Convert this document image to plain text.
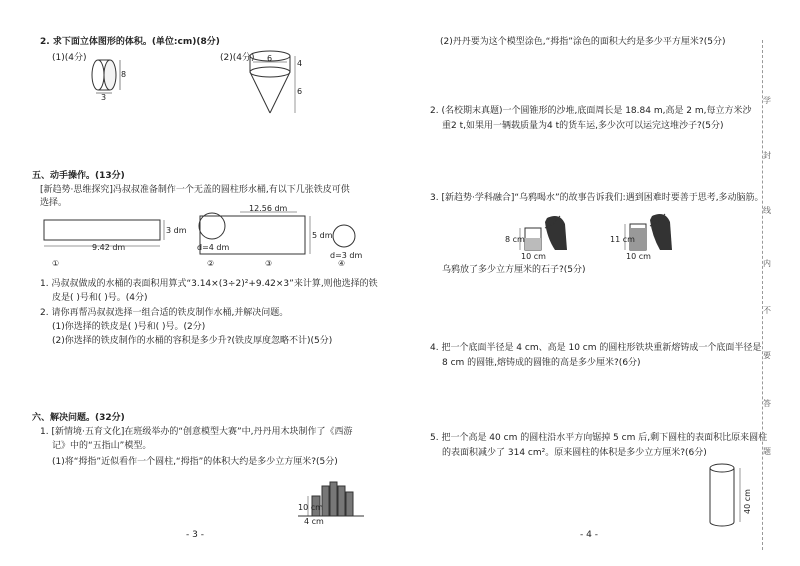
2. 求下面立体图形的体积。(单位:cm)(8分)
(1)(4分)
8
3
(2)(4分) 6
4
6
五、动手操作。(13分)
[新趋势·思维探究]冯叔叔准备制作一个无盖的圆柱形水桶,有以下几张铁皮可供
选择。
9.42 dm
3 dm
d=4 dm
12.56 dm
①	②	③	④
5 dm
d=3 dm
1. 冯叔叔做成的水桶的表面积用算式“3.14×(3÷2)²+9.42×3”来计算,则他选择的铁
皮是( )号和( )号。(4分)
2. 请你再帮冯叔叔选择一组合适的铁皮制作水桶,并解决问题。
(1)你选择的铁皮是( )号和( )号。(2分)
(2)你选择的铁皮制作的水桶的容积是多少升?(铁皮厚度忽略不计)(5分)
六、解决问题。(32分)
1. [新情境·五育文化]在班级举办的“创意模型大赛”中,丹丹用木块制作了《西游
记》中的“五指山”模型。
(1)将“拇指”近似看作一个圆柱,“拇指”的体积大约是多少立方厘米?(5分)
10 cm
4 cm
- 3 -
(2)丹丹要为这个模型涂色,“拇指”涂色的面积大约是多少平方厘米?(5分)
2. (名校期末真题)一个圆锥形的沙堆,底面周长是 18.84 m,高是 2 m,每立方米沙
重2 t,如果用一辆载质量为4 t的货车运,多少次可以运完这堆沙子?(5分)
3. [新趋势·学科融合]“乌鸦喝水”的故事告诉我们:遇到困难时要善于思考,多动脑筋。
8 cm
10 cm
11 cm
10 cm
乌鸦放了多少立方厘米的石子?(5分)
4. 把一个底面半径是 4 cm、高是 10 cm 的圆柱形铁块重新熔铸成一个底面半径是
8 cm 的圆锥,熔铸成的圆锥的高是多少厘米?(6分)
5. 把一个高是 40 cm 的圆柱沿水平方向锯掉 5 cm 后,剩下圆柱的表面积比原来圆柱
的表面积减少了 314 cm²。原来圆柱的体积是多少立方厘米?(6分)
40 cm
- 4 -
学
封
线
内
不
要
答
题
